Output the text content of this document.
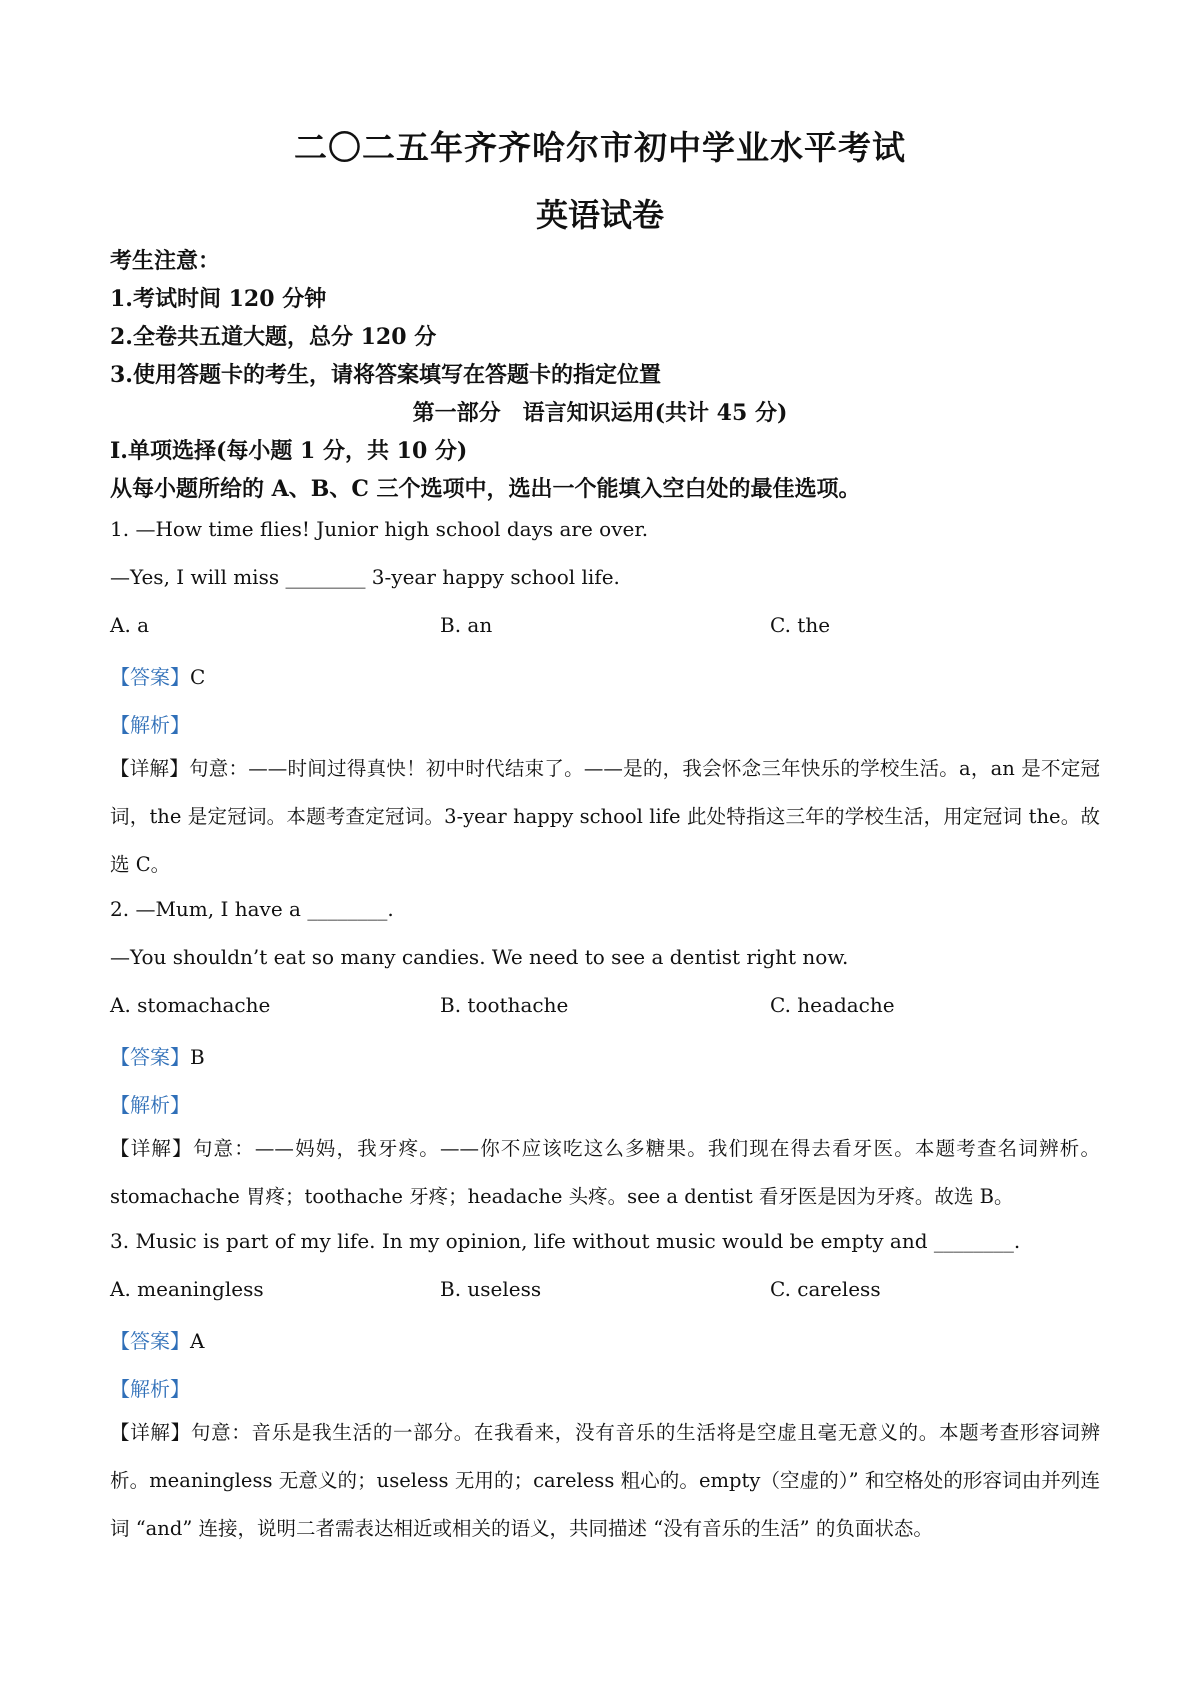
二〇二五年齐齐哈尔市初中学业水平考试
英语试卷
考生注意：
1.考试时间 120 分钟
2.全卷共五道大题，总分 120 分
3.使用答题卡的考生，请将答案填写在答题卡的指定位置
第一部分　语言知识运用(共计 45 分)
I.单项选择(每小题 1 分，共 10 分)
从每小题所给的 A、B、C 三个选项中，选出一个能填入空白处的最佳选项。
1. —How time flies! Junior high school days are over.
—Yes, I will miss ________ 3-year happy school life.
A. a	B. an	C. the
【答案】C
【解析】
【详解】句意：——时间过得真快！初中时代结束了。——是的，我会怀念三年快乐的学校生活。a，an 是不定冠词，the 是定冠词。本题考查定冠词。3-year happy school life 此处特指这三年的学校生活，用定冠词 the。故选 C。
2. —Mum, I have a ________.
—You shouldn’t eat so many candies. We need to see a dentist right now.
A. stomachache	B. toothache	C. headache
【答案】B
【解析】
【详解】句意：——妈妈，我牙疼。——你不应该吃这么多糖果。我们现在得去看牙医。本题考查名词辨析。stomachache 胃疼；toothache 牙疼；headache 头疼。see a dentist 看牙医是因为牙疼。故选 B。
3. Music is part of my life. In my opinion, life without music would be empty and ________.
A. meaningless	B. useless	C. careless
【答案】A
【解析】
【详解】句意：音乐是我生活的一部分。在我看来，没有音乐的生活将是空虚且毫无意义的。本题考查形容词辨析。meaningless 无意义的；useless 无用的；careless 粗心的。empty（空虚的）” 和空格处的形容词由并列连词 “and” 连接，说明二者需表达相近或相关的语义，共同描述 “没有音乐的生活” 的负面状态。
